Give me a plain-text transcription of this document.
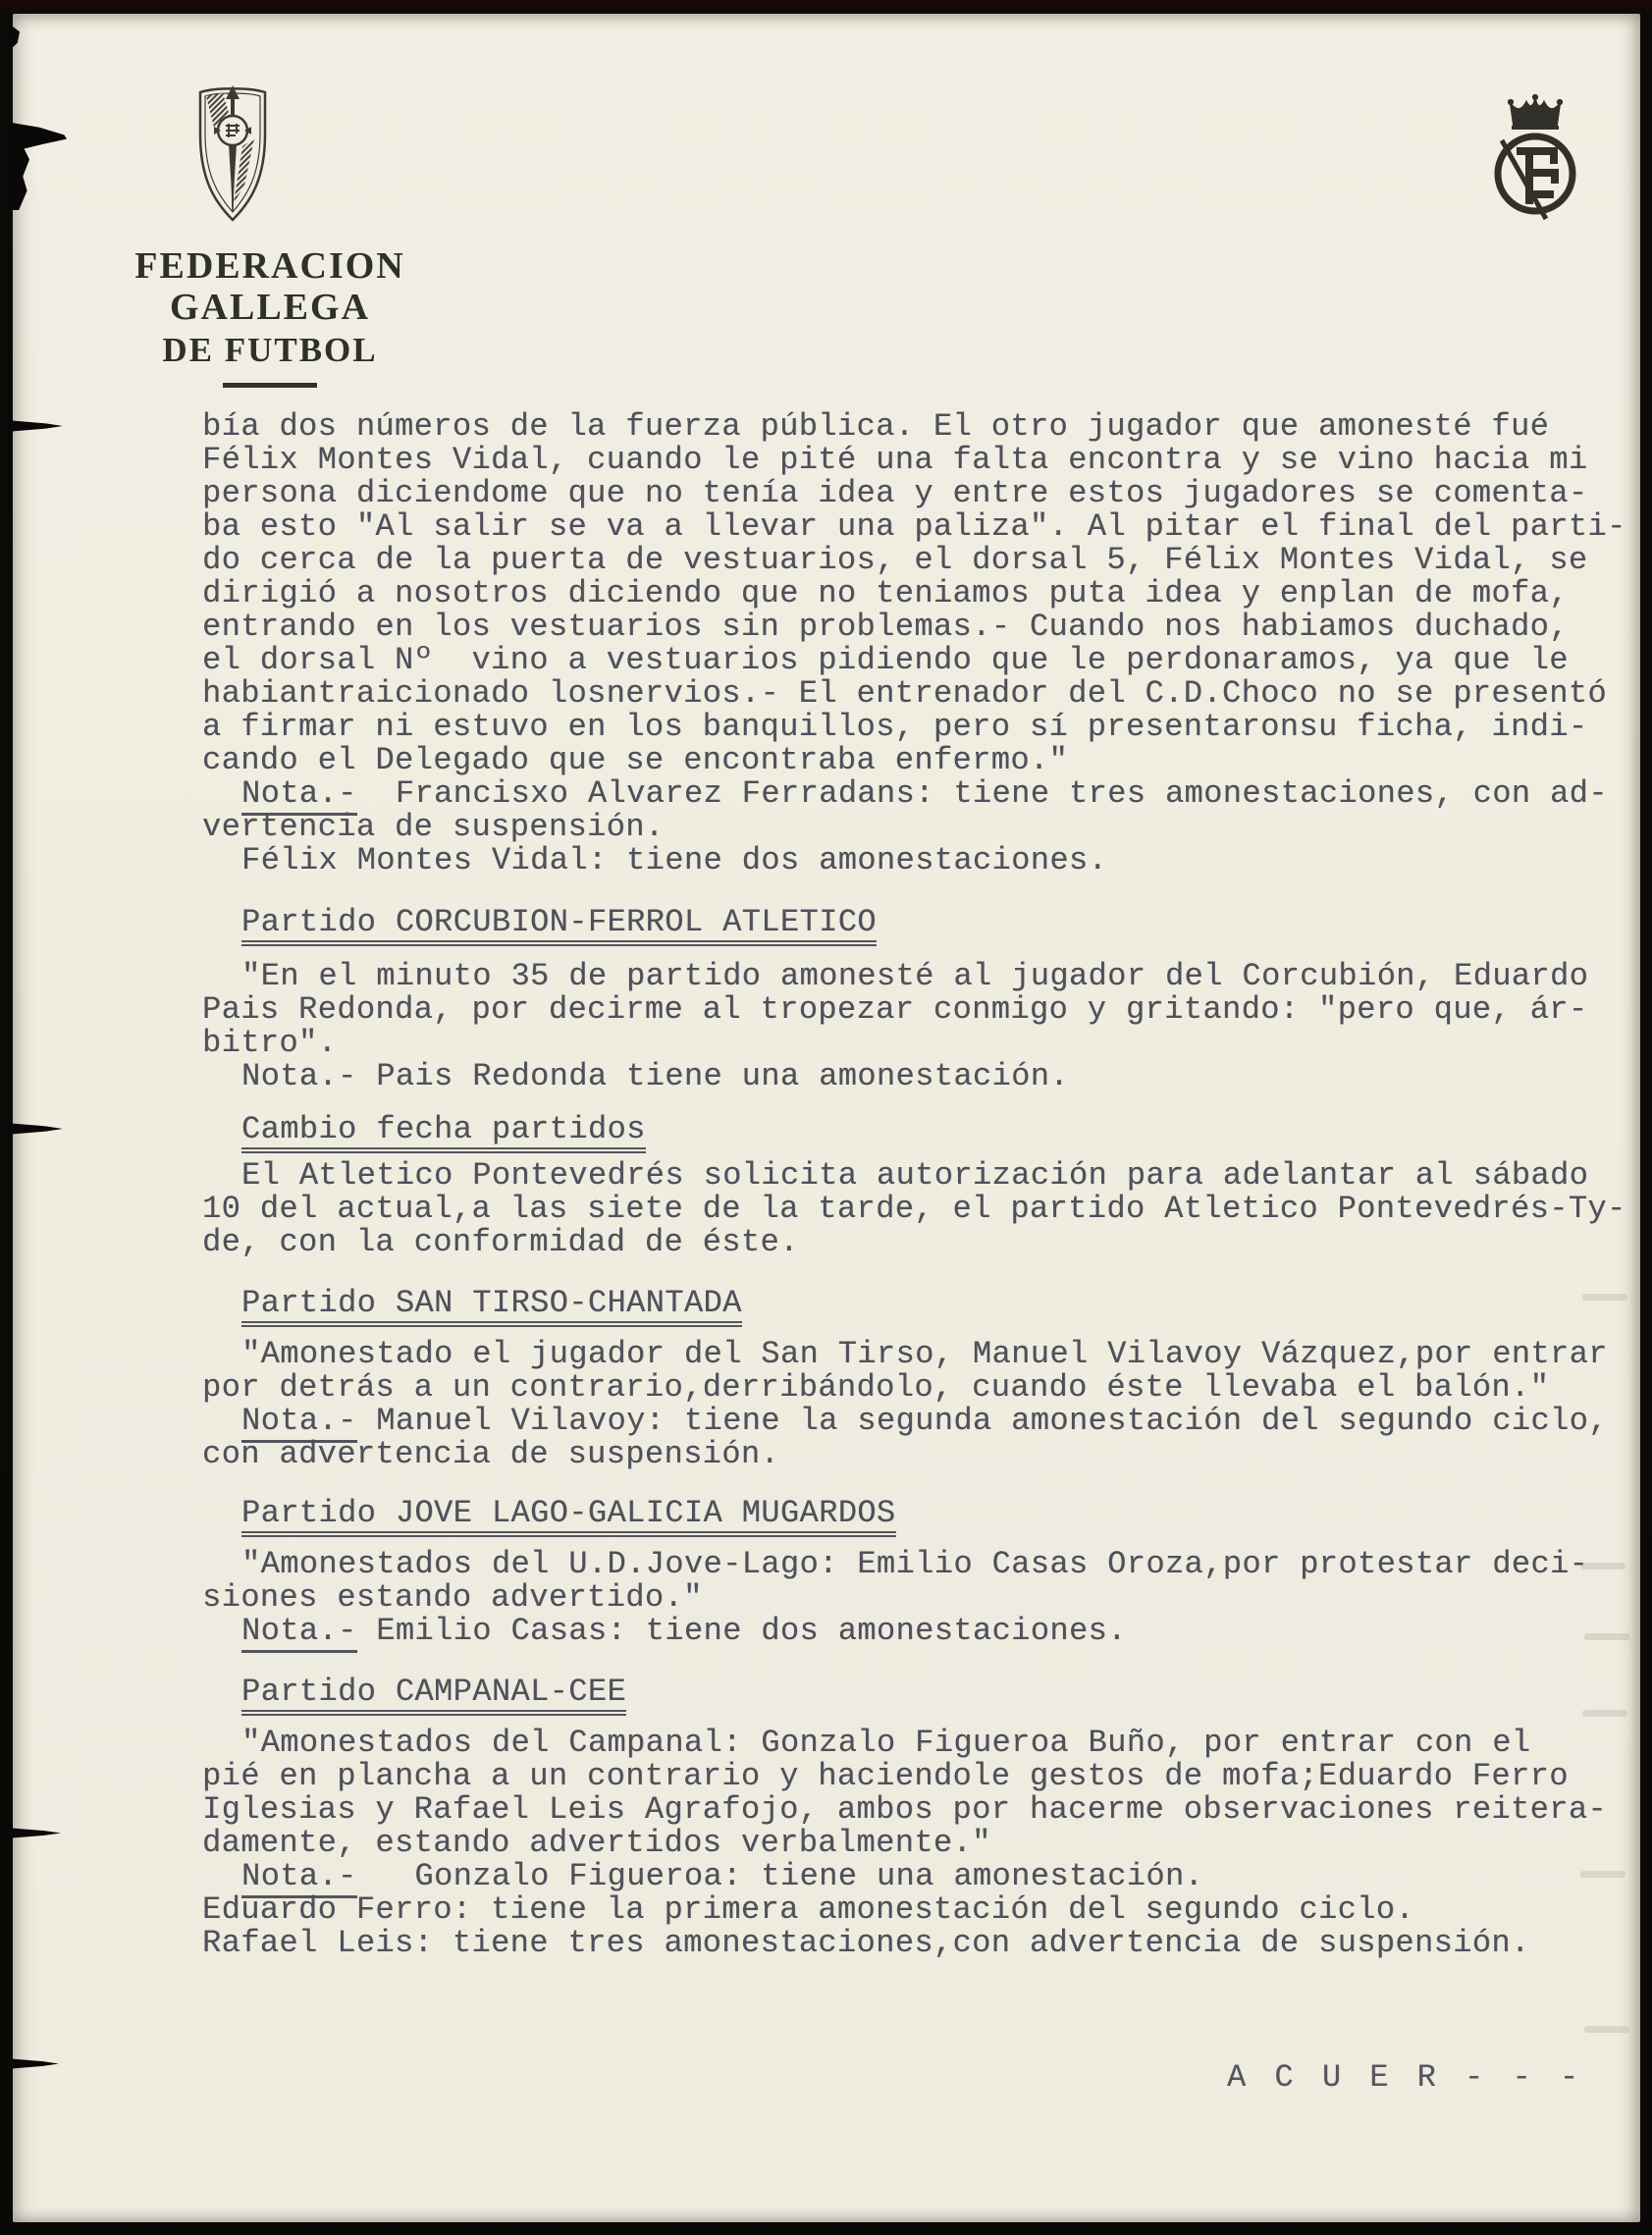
FEDERACION GALLEGA
DE FUTBOL
bía dos números de la fuerza pública. El otro jugador que amonesté fué
Félix Montes Vidal, cuando le pité una falta encontra y se vino hacia mi
persona diciendome que no tenía idea y entre estos jugadores se comenta-
ba esto "Al salir se va a llevar una paliza". Al pitar el final del parti-
do cerca de la puerta de vestuarios, el dorsal 5, Félix Montes Vidal, se
dirigió a nosotros diciendo que no teniamos puta idea y enplan de mofa,
entrando en los vestuarios sin problemas.- Cuando nos habiamos duchado,
el dorsal Nº  vino a vestuarios pidiendo que le perdonaramos, ya que le
habiantraicionado losnervios.- El entrenador del C.D.Choco no se presentó
a firmar ni estuvo en los banquillos, pero sí presentaronsu ficha, indi-
cando el Delegado que se encontraba enfermo."
Nota.-  Francisxo Alvarez Ferradans: tiene tres amonestaciones, con ad-
vertencia de suspensión.
Félix Montes Vidal: tiene dos amonestaciones.
Partido CORCUBION-FERROL ATLETICO
"En el minuto 35 de partido amonesté al jugador del Corcubión, Eduardo
Pais Redonda, por decirme al tropezar conmigo y gritando: "pero que, ár-
bitro".
Nota.- Pais Redonda tiene una amonestación.
Cambio fecha partidos
El Atletico Pontevedrés solicita autorización para adelantar al sábado
10 del actual,a las siete de la tarde, el partido Atletico Pontevedrés-Ty-
de, con la conformidad de éste.
Partido SAN TIRSO-CHANTADA
"Amonestado el jugador del San Tirso, Manuel Vilavoy Vázquez,por entrar
por detrás a un contrario,derribándolo, cuando éste llevaba el balón."
Nota.- Manuel Vilavoy: tiene la segunda amonestación del segundo ciclo,
con advertencia de suspensión.
Partido JOVE LAGO-GALICIA MUGARDOS
"Amonestados del U.D.Jove-Lago: Emilio Casas Oroza,por protestar deci-
siones estando advertido."
Nota.- Emilio Casas: tiene dos amonestaciones.
Partido CAMPANAL-CEE
"Amonestados del Campanal: Gonzalo Figueroa Buño, por entrar con el
pié en plancha a un contrario y haciendole gestos de mofa;Eduardo Ferro
Iglesias y Rafael Leis Agrafojo, ambos por hacerme observaciones reitera-
damente, estando advertidos verbalmente."
Nota.-   Gonzalo Figueroa: tiene una amonestación.
Eduardo Ferro: tiene la primera amonestación del segundo ciclo.
Rafael Leis: tiene tres amonestaciones,con advertencia de suspensión.
A C U E R - - -
